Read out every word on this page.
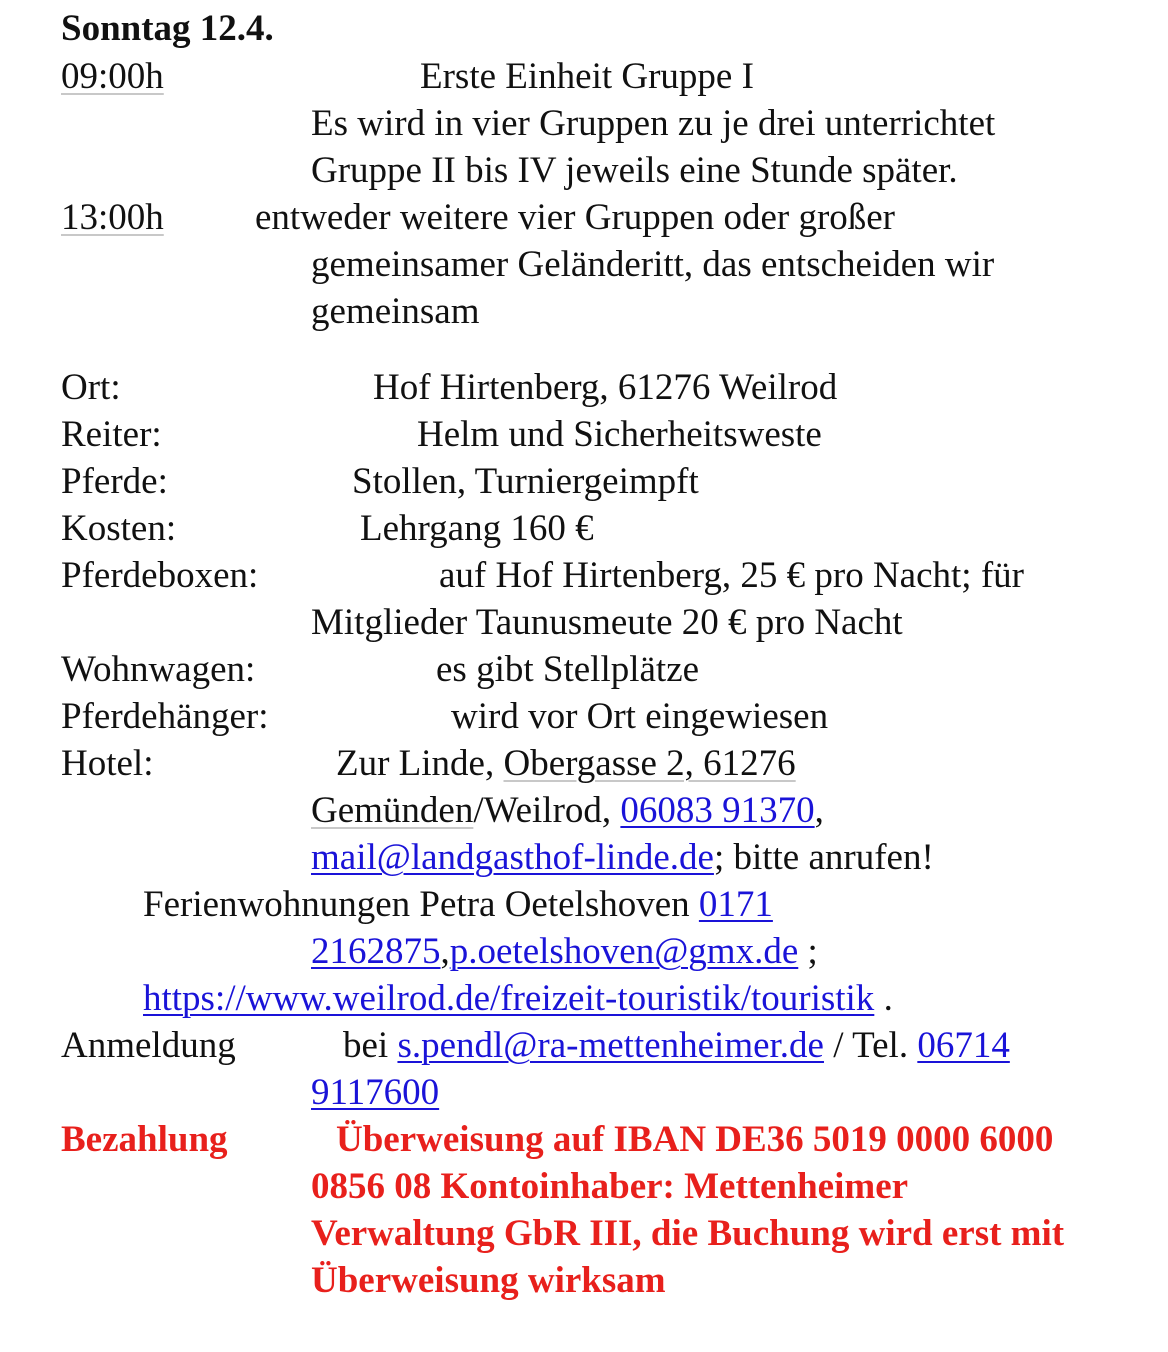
Sonntag 12.4.
09:00h	Erste Einheit Gruppe I
Es wird in vier Gruppen zu je drei unterrichtet
Gruppe II bis IV jeweils eine Stunde später.
13:00h entweder weitere vier Gruppen oder großer
gemeinsamer Geländeritt, das entscheiden wir
gemeinsam
Ort:	Hof Hirtenberg, 61276 Weilrod
Reiter:	Helm und Sicherheitsweste
Pferde:	Stollen, Turniergeimpft
Kosten:	Lehrgang 160 €
Pferdeboxen:	auf Hof Hirtenberg, 25 € pro Nacht; für
Mitglieder Taunusmeute 20 € pro Nacht
Wohnwagen:	es gibt Stellplätze
Pferdehänger:	wird vor Ort eingewiesen
Hotel:	Zur Linde, Obergasse 2, 61276
Gemünden/Weilrod, 06083 91370,
mail@landgasthof-linde.de; bitte anrufen!
Ferienwohnungen Petra Oetelshoven 0171
2162875,p.oetelshoven@gmx.de ;
https://www.weilrod.de/freizeit-touristik/touristik .
Anmeldung	bei s.pendl@ra-mettenheimer.de / Tel. 06714
9117600
Bezahlung	Überweisung auf IBAN DE36 5019 0000 6000
0856 08 Kontoinhaber: Mettenheimer
Verwaltung GbR III, die Buchung wird erst mit
Überweisung wirksam
